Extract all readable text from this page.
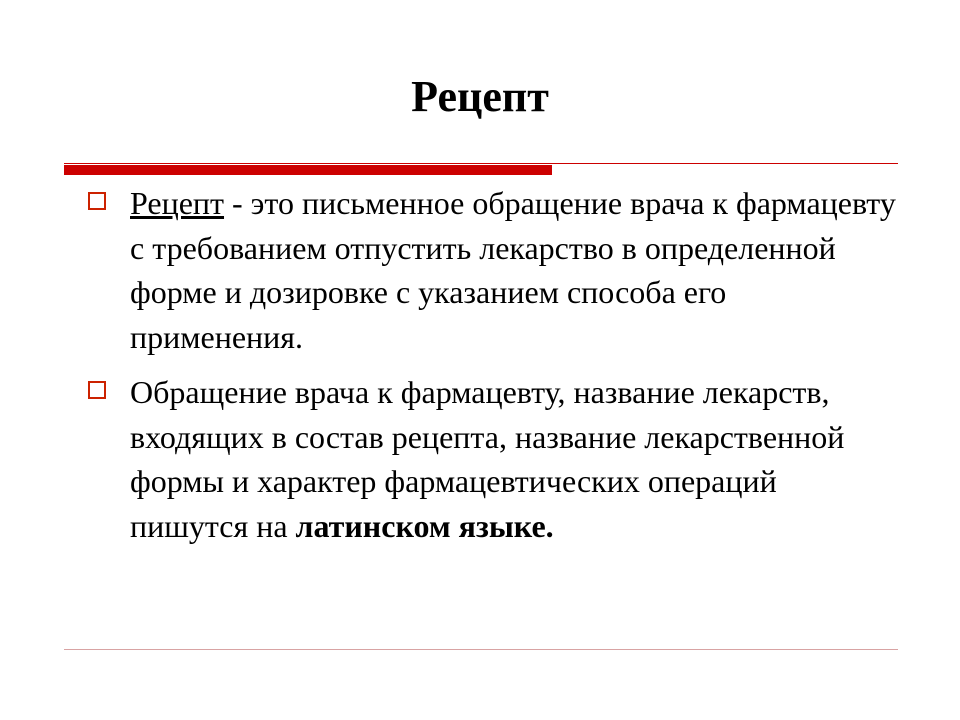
Рецепт
Рецепт - это письменное обращение врача к фармацевту с требованием отпустить лекарство в определенной форме и дозировке с указанием способа его применения.
Обращение врача к фармацевту, название лекарств, входящих в состав рецепта, название лекарственной формы и характер фармацевтических операций пишутся на латинском языке.
